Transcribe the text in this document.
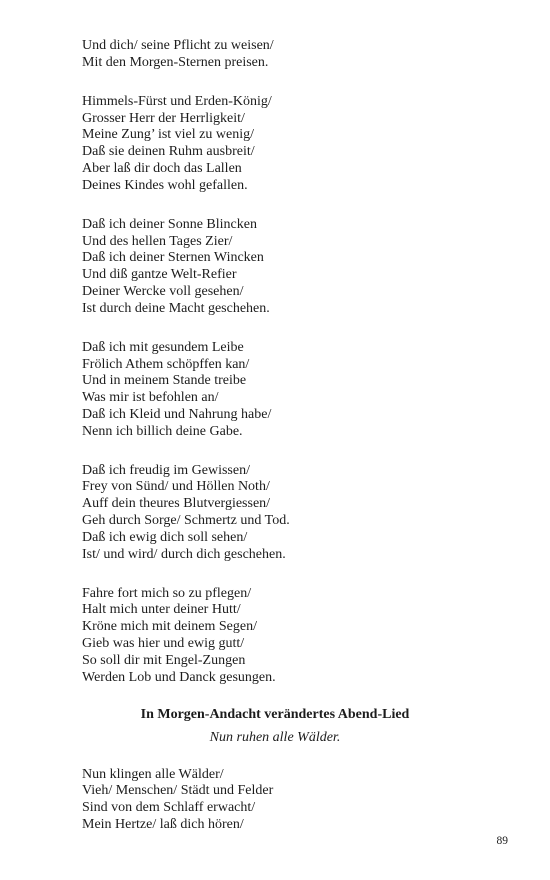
Und dich/ seine Pflicht zu weisen/
Mit den Morgen-Sternen preisen.
Himmels-Fürst und Erden-König/
Grosser Herr der Herrligkeit/
Meine Zung’ ist viel zu wenig/
Daß sie deinen Ruhm ausbreit/
Aber laß dir doch das Lallen
Deines Kindes wohl gefallen.
Daß ich deiner Sonne Blincken
Und des hellen Tages Zier/
Daß ich deiner Sternen Wincken
Und diß gantze Welt-Refier
Deiner Wercke voll gesehen/
Ist durch deine Macht geschehen.
Daß ich mit gesundem Leibe
Frölich Athem schöpffen kan/
Und in meinem Stande treibe
Was mir ist befohlen an/
Daß ich Kleid und Nahrung habe/
Nenn ich billich deine Gabe.
Daß ich freudig im Gewissen/
Frey von Sünd/ und Höllen Noth/
Auff dein theures Blutvergiessen/
Geh durch Sorge/ Schmertz und Tod.
Daß ich ewig dich soll sehen/
Ist/ und wird/ durch dich geschehen.
Fahre fort mich so zu pflegen/
Halt mich unter deiner Hutt/
Kröne mich mit deinem Segen/
Gieb was hier und ewig gutt/
So soll dir mit Engel-Zungen
Werden Lob und Danck gesungen.
In Morgen-Andacht verändertes Abend-Lied
Nun ruhen alle Wälder.
Nun klingen alle Wälder/
Vieh/ Menschen/ Städt und Felder
Sind von dem Schlaff erwacht/
Mein Hertze/ laß dich hören/
89
